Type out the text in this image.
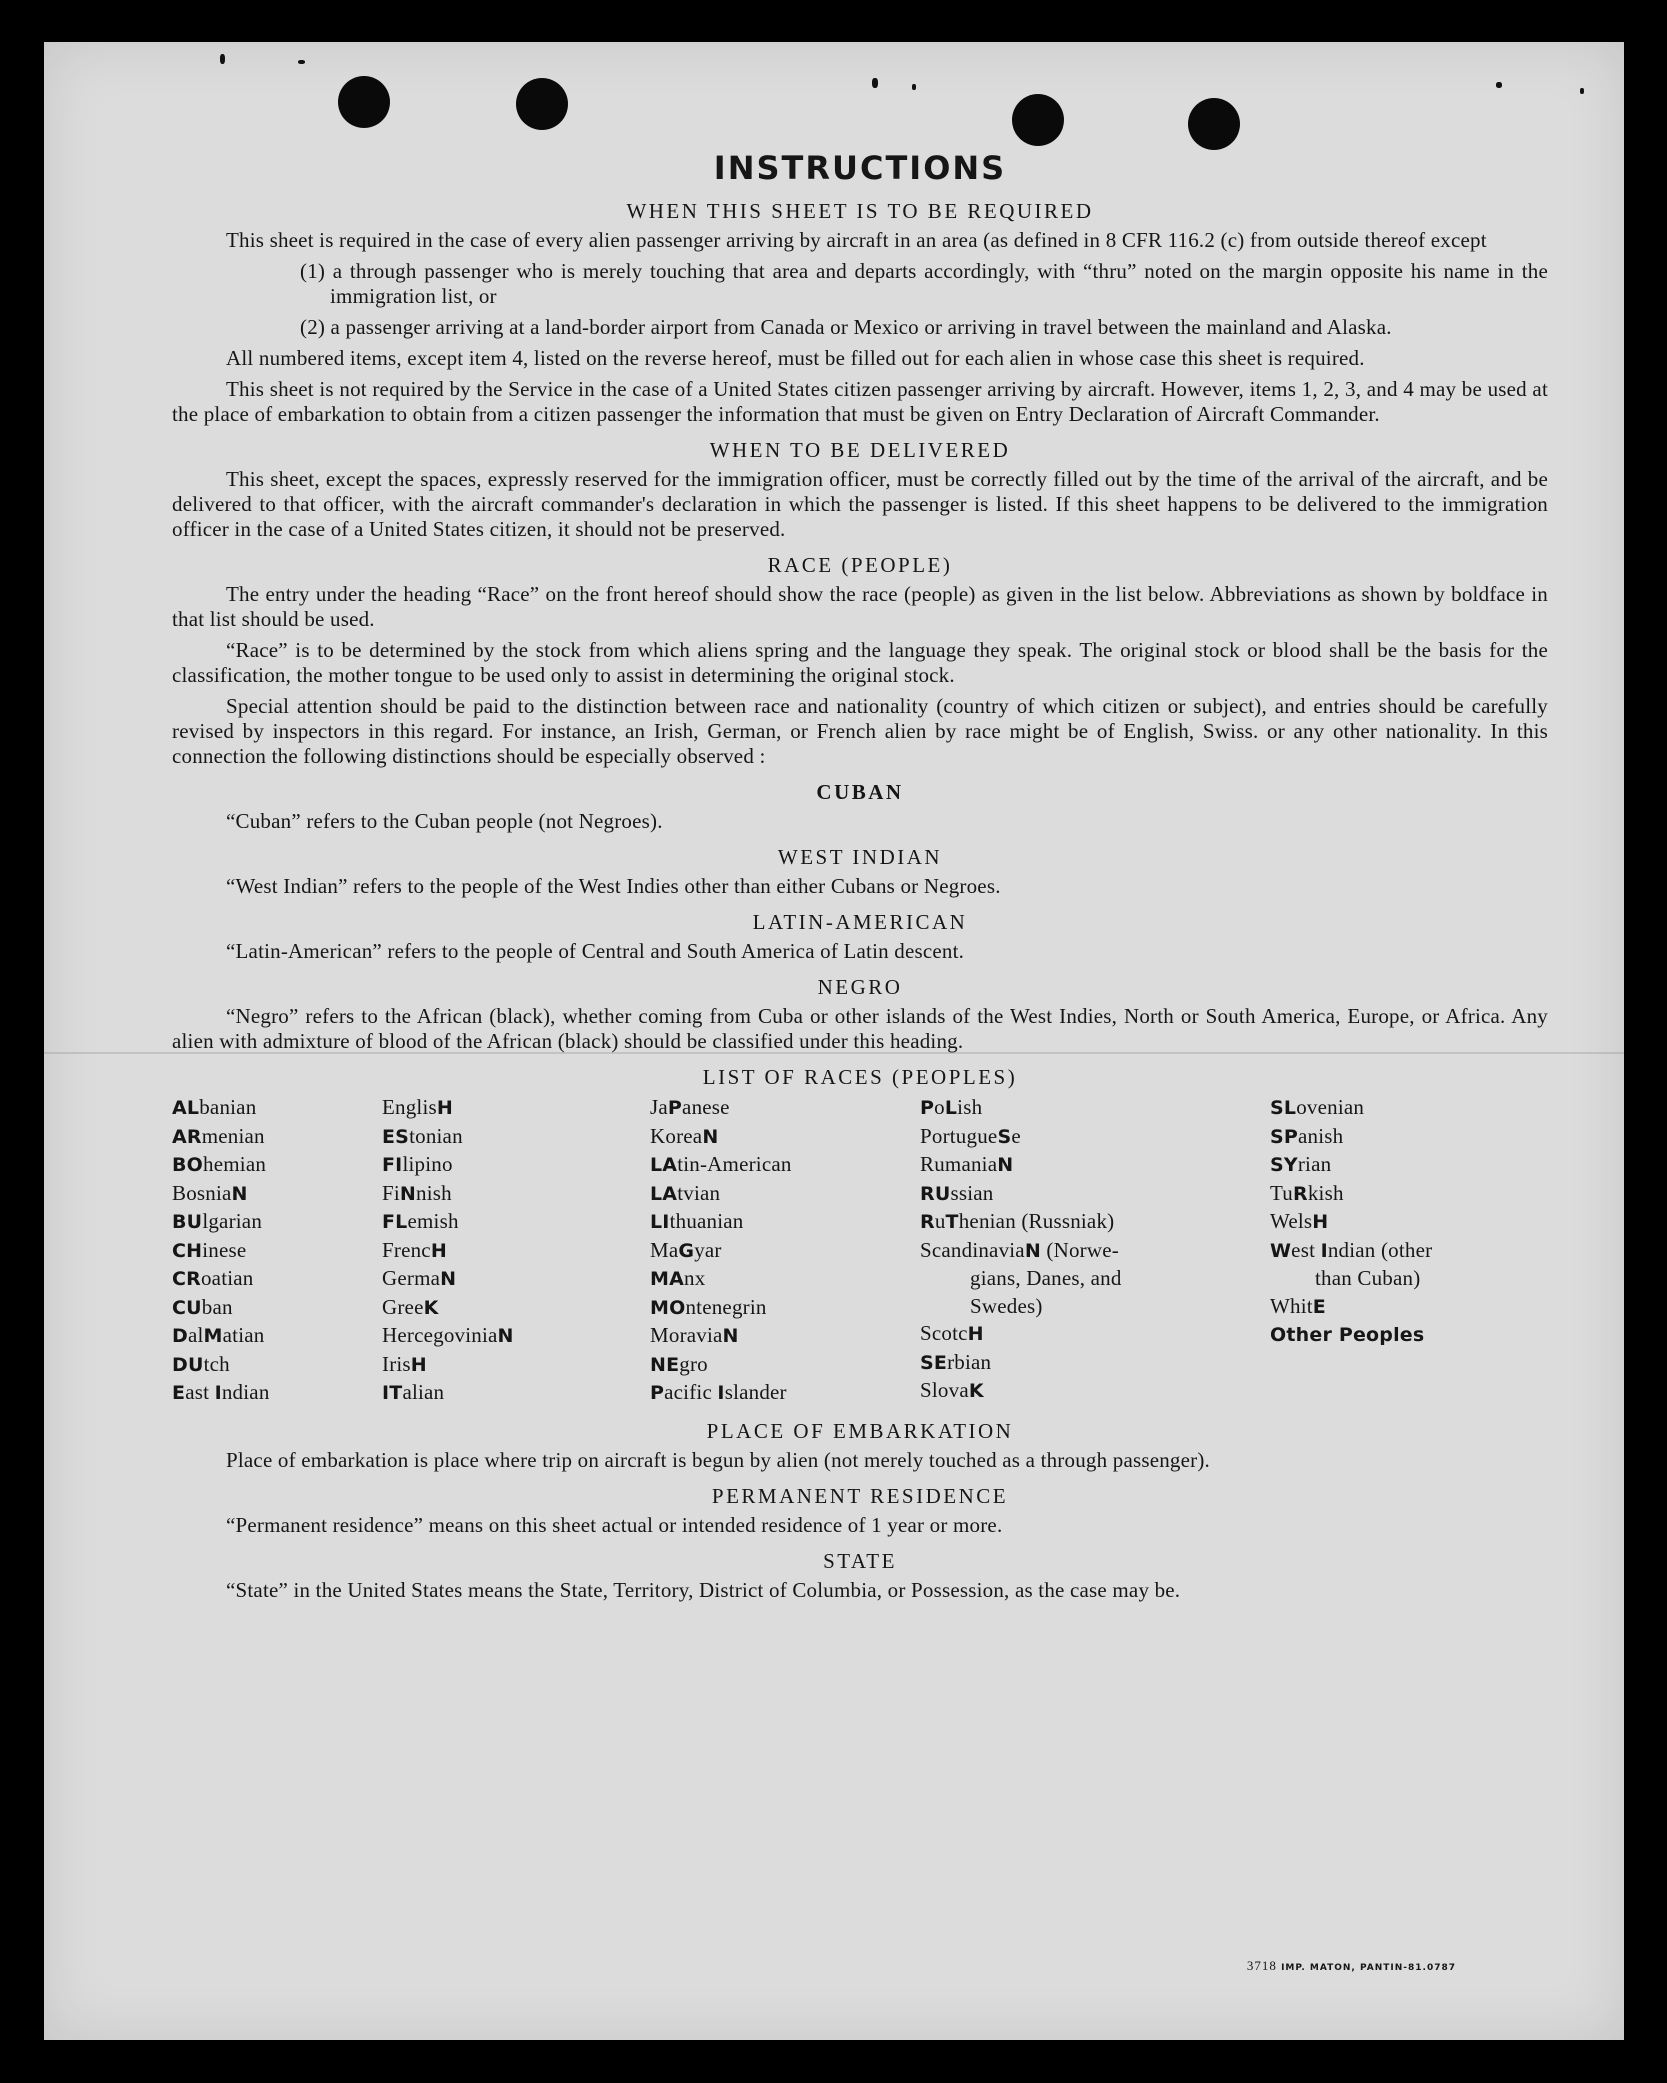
INSTRUCTIONS
WHEN THIS SHEET IS TO BE REQUIRED

This sheet is required in the case of every alien passenger arriving by aircraft in an area (as defined in 8 CFR 116.2 (c) from outside thereof except

(1) a through passenger who is merely touching that area and departs accordingly, with “thru” noted on the margin opposite his name in the immigration list, or

(2) a passenger arriving at a land-border airport from Canada or Mexico or arriving in travel between the mainland and Alaska.

All numbered items, except item 4, listed on the reverse hereof, must be filled out for each alien in whose case this sheet is required.

This sheet is not required by the Service in the case of a United States citizen passenger arriving by aircraft. However, items 1, 2, 3, and 4 may be used at the place of embarkation to obtain from a citizen passenger the information that must be given on Entry Declaration of Aircraft Commander.

WHEN TO BE DELIVERED

This sheet, except the spaces, expressly reserved for the immigration officer, must be correctly filled out by the time of the arrival of the aircraft, and be delivered to that officer, with the aircraft commander's declaration in which the passenger is listed. If this sheet happens to be delivered to the immigration officer in the case of a United States citizen, it should not be preserved.

RACE (PEOPLE)

The entry under the heading “Race” on the front hereof should show the race (people) as given in the list below. Abbreviations as shown by boldface in that list should be used.

“Race” is to be determined by the stock from which aliens spring and the language they speak. The original stock or blood shall be the basis for the classification, the mother tongue to be used only to assist in determining the original stock.

Special attention should be paid to the distinction between race and nationality (country of which citizen or subject), and entries should be carefully revised by inspectors in this regard. For instance, an Irish, German, or French alien by race might be of English, Swiss. or any other nationality. In this connection the following distinctions should be especially observed :

CUBAN

“Cuban” refers to the Cuban people (not Negroes).

WEST INDIAN

“West Indian” refers to the people of the West Indies other than either Cubans or Negroes.

LATIN-AMERICAN

“Latin-American” refers to the people of Central and South America of Latin descent.

NEGRO

“Negro” refers to the African (black), whether coming from Cuba or other islands of the West Indies, North or South America, Europe, or Africa. Any alien with admixture of blood of the African (black) should be classified under this heading.

LIST OF RACES (PEOPLES)
ALbanian
ARmenian
BOhemian
BosniaN
BUlgarian
CHinese
CRoatian
CUban
DalMatian
DUtch
East Indian
EnglisH
EStonian
FIlipino
FiNnish
FLemish
FrencH
GermaN
GreeK
HercegoviniaN
IrisH
ITalian
JaPanese
KoreaN
LAtin-American
LAtvian
LIthuanian
MaGyar
MAnx
MOntenegrin
MoraviaN
NEgro
Pacific Islander
PoLish
PortugueSe
RumaniaN
RUssian
RuThenian (Russniak)
ScandinaviaN (Norwe-
gians, Danes, and
Swedes)
ScotcH
SErbian
SlovaK
SLovenian
SPanish
SYrian
TuRkish
WelsH
West Indian (other
than Cuban)
WhitE
Other Peoples
PLACE OF EMBARKATION

Place of embarkation is place where trip on aircraft is begun by alien (not merely touched as a through passenger).

PERMANENT RESIDENCE

“Permanent residence” means on this sheet actual or intended residence of 1 year or more.

STATE

“State” in the United States means the State, Territory, District of Columbia, or Possession, as the case may be.

3718 IMP. MATON, PANTIN-81.0787
